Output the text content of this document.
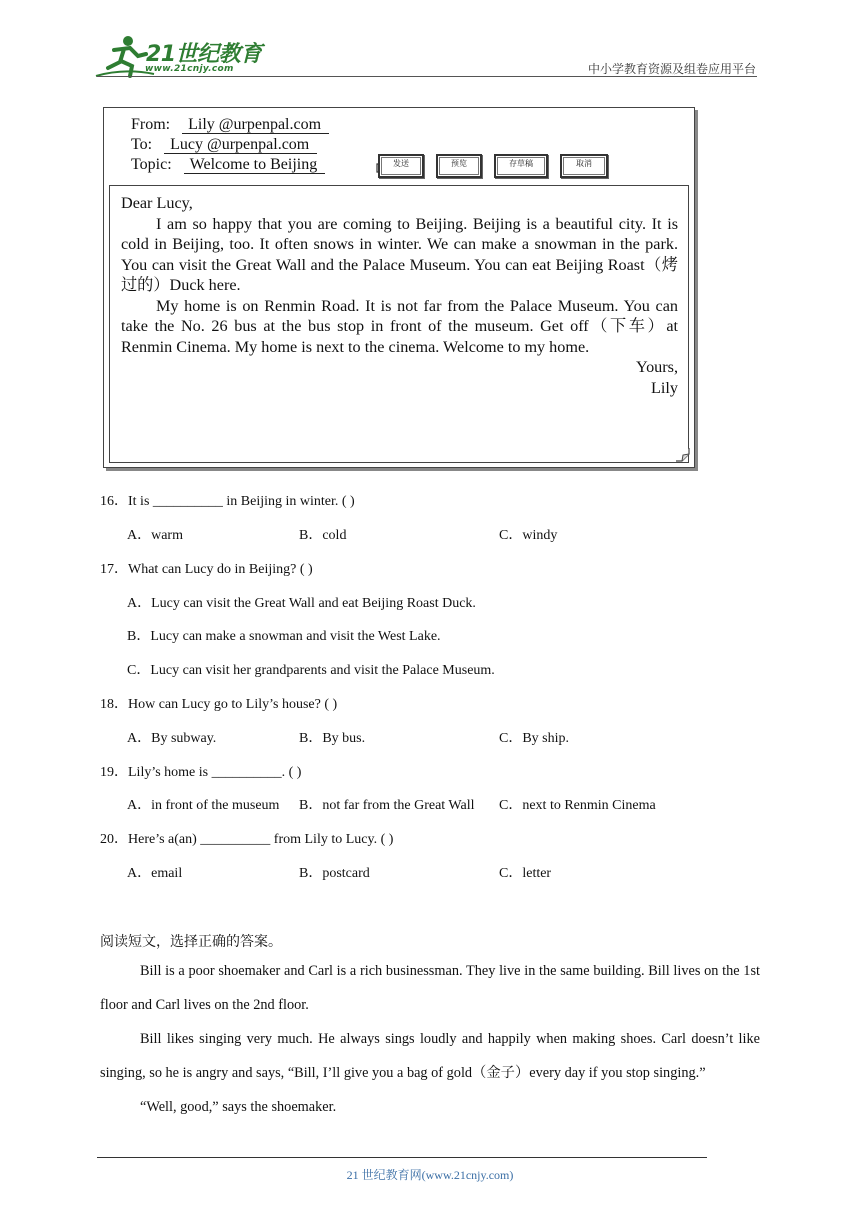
21世纪教育
www.21cnjy.com	中小学教育资源及组卷应用平台
From: Lily @urpenpal.com
To: Lucy @urpenpal.com
Topic: Welcome to Beijing	发送	预览	存草稿	取消

Dear Lucy,

I am so happy that you are coming to Beijing. Beijing is a beautiful city. It is cold in Beijing, too. It often snows in winter. We can make a snowman in the park. You can visit the Great Wall and the Palace Museum. You can eat Beijing Roast（烤过的）Duck here.

My home is on Renmin Road. It is not far from the Palace Museum. You can take the No. 26 bus at the bus stop in front of the museum. Get off（下车）at Renmin Cinema. My home is next to the cinema. Welcome to my home.

Yours,

Lily

16．It is __________ in Beijing in winter. ( )
A．warm	B．cold	C．windy
17．What can Lucy do in Beijing? ( )
A．Lucy can visit the Great Wall and eat Beijing Roast Duck.
B．Lucy can make a snowman and visit the West Lake.
C．Lucy can visit her grandparents and visit the Palace Museum.
18．How can Lucy go to Lily’s house? ( )
A．By subway.	B．By bus.	C．By ship.
19．Lily’s home is __________. ( )
A．in front of the museum B．not far from the Great Wall C．next to Renmin Cinema
20．Here’s a(an) __________ from Lily to Lucy. ( )
A．email	B．postcard	C．letter
阅读短文，选择正确的答案。

Bill is a poor shoemaker and Carl is a rich businessman. They live in the same building. Bill lives on the 1st floor and Carl lives on the 2nd floor.

Bill likes singing very much. He always sings loudly and happily when making shoes. Carl doesn’t like singing, so he is angry and says, “Bill, I’ll give you a bag of gold（金子）every day if you stop singing.”

“Well, good,” says the shoemaker.

21 世纪教育网(www.21cnjy.com)
